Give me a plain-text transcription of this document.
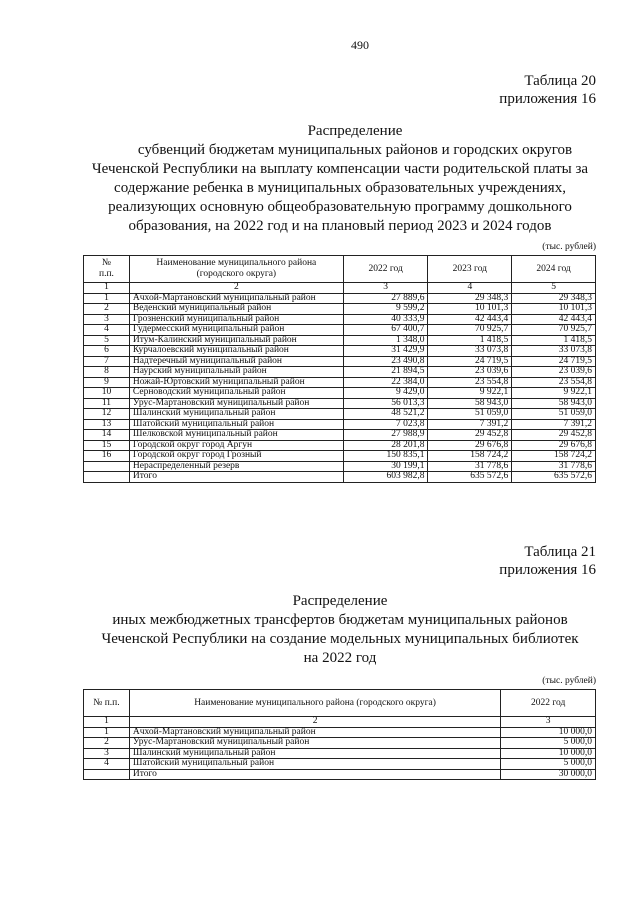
490
Таблица 20
приложения 16
Распределение
субвенций бюджетам муниципальных районов и городских округов
Чеченской Республики на выплату компенсации части родительской платы за
содержание ребенка в муниципальных образовательных учреждениях,
реализующих основную общеобразовательную программу дошкольного
образования, на 2022 год и на плановый период 2023 и 2024 годов
(тыс. рублей)
№ п.п.	Наименование муниципального района (городского округа)	2022 год	2023 год	2024 год
1	2	3	4	5
1	Ачхой-Мартановский муниципальный район	27 889,6	29 348,3	29 348,3
2	Веденский муниципальный район	9 599,2	10 101,3	10 101,3
3	Грозненский муниципальный район	40 333,9	42 443,4	42 443,4
4	Гудермесский муниципальный район	67 400,7	70 925,7	70 925,7
5	Итум-Калинский муниципальный район	1 348,0	1 418,5	1 418,5
6	Курчалоевский муниципальный район	31 429,9	33 073,8	33 073,8
7	Надтеречный муниципальный район	23 490,8	24 719,5	24 719,5
8	Наурский муниципальный район	21 894,5	23 039,6	23 039,6
9	Ножай-Юртовский муниципальный район	22 384,0	23 554,8	23 554,8
10	Серноводский муниципальный район	9 429,0	9 922,1	9 922,1
11	Урус-Мартановский муниципальный район	56 013,3	58 943,0	58 943,0
12	Шалинский муниципальный район	48 521,2	51 059,0	51 059,0
13	Шатойский муниципальный район	7 023,8	7 391,2	7 391,2
14	Шелковской муниципальный район	27 988,9	29 452,8	29 452,8
15	Городской округ город Аргун	28 201,8	29 676,8	29 676,8
16	Городской округ город Грозный	150 835,1	158 724,2	158 724,2
	Нераспределенный резерв	30 199,1	31 778,6	31 778,6
	Итого	603 982,8	635 572,6	635 572,6
Таблица 21
приложения 16
Распределение
иных межбюджетных трансфертов бюджетам муниципальных районов
Чеченской Республики на создание модельных муниципальных библиотек
на 2022 год
(тыс. рублей)
№ п.п.	Наименование муниципального района (городского округа)	2022 год
1	2	3
1	Ачхой-Мартановский муниципальный район	10 000,0
2	Урус-Мартановский муниципальный район	5 000,0
3	Шалинский муниципальный район	10 000,0
4	Шатойский муниципальный район	5 000,0
	Итого	30 000,0
